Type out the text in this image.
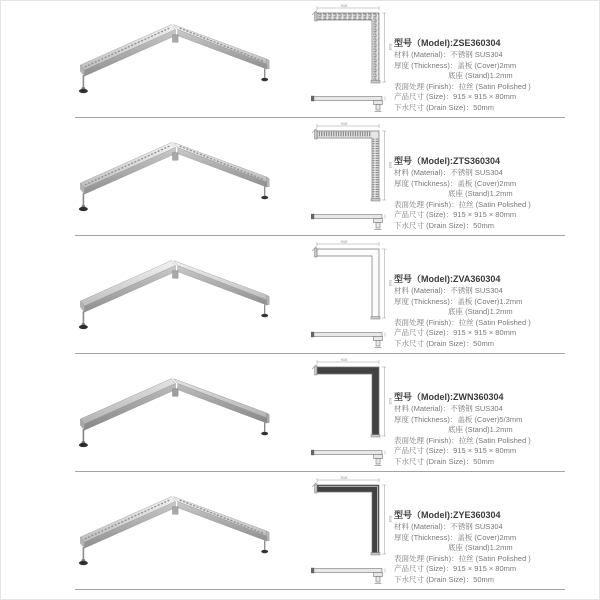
915
915 型号（Model):ZSE360304

材料 (Material)：不锈钢 SUS304

厚度 (Thickness)：盖板 (Cover)2mm

底座 (Stand)1.2mm

表面处理 (Finish)：拉丝 (Satin Polished )

产品尺寸 (Size)：915 × 915 × 80mm

下水尺寸 (Drain Size)：50mm

915
915 型号（Model):ZTS360304

材料 (Material)：不锈钢 SUS304

厚度 (Thickness)：盖板 (Cover)2mm

底座 (Stand)1.2mm

表面处理 (Finish)：拉丝 (Satin Polished )

产品尺寸 (Size)：915 × 915 × 80mm

下水尺寸 (Drain Size)：50mm

915
915 型号（Model):ZVA360304

材料 (Material)：不锈钢 SUS304

厚度 (Thickness)：盖板 (Cover)1.2mm

底座 (Stand)1.2mm

表面处理 (Finish)：拉丝 (Satin Polished )

产品尺寸 (Size)：915 × 915 × 80mm

下水尺寸 (Drain Size)：50mm

915
915 型号（Model):ZWN360304

材料 (Material)：不锈钢 SUS304

厚度 (Thickness)：盖板 (Cover)5/3mm

底座 (Stand)1.2mm

表面处理 (Finish)：拉丝 (Satin Polished )

产品尺寸 (Size)：915 × 915 × 80mm

下水尺寸 (Drain Size)：50mm

915
915 型号（Model):ZYE360304

材料 (Material)：不锈钢 SUS304

厚度 (Thickness)：盖板 (Cover)2mm

底座 (Stand)1.2mm

表面处理 (Finish)：拉丝 (Satin Polished )

产品尺寸 (Size)：915 × 915 × 80mm

下水尺寸 (Drain Size)：50mm
